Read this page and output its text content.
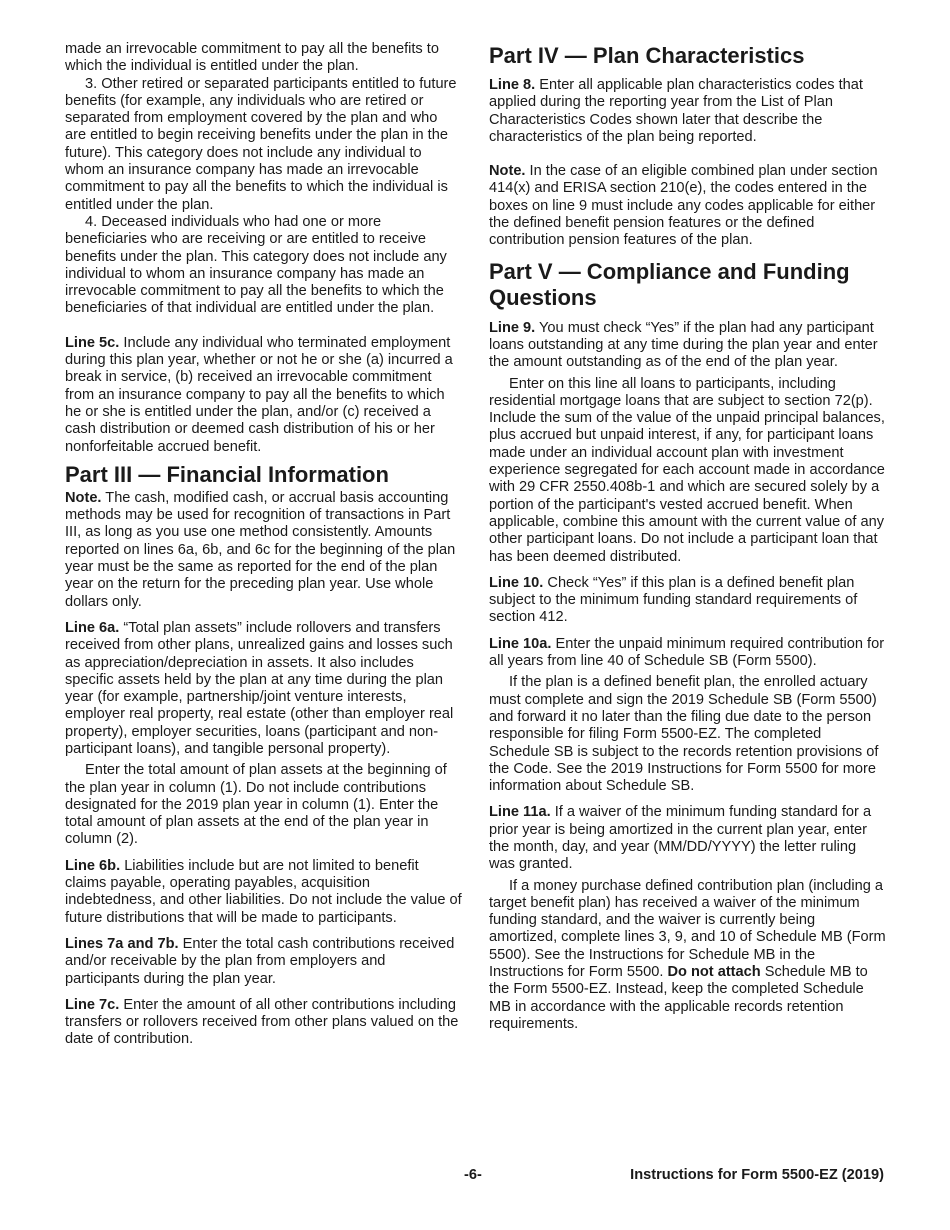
made an irrevocable commitment to pay all the benefits to which the individual is entitled under the plan.

3. Other retired or separated participants entitled to future benefits (for example, any individuals who are retired or separated from employment covered by the plan and who are entitled to begin receiving benefits under the plan in the future). This category does not include any individual to whom an insurance company has made an irrevocable commitment to pay all the benefits to which the individual is entitled under the plan.

4. Deceased individuals who had one or more beneficiaries who are receiving or are entitled to receive benefits under the plan. This category does not include any individual to whom an insurance company has made an irrevocable commitment to pay all the benefits to which the beneficiaries of that individual are entitled under the plan.

Line 5c. Include any individual who terminated employment during this plan year, whether or not he or she (a) incurred a break in service, (b) received an irrevocable commitment from an insurance company to pay all the benefits to which he or she is entitled under the plan, and/or (c) received a cash distribution or deemed cash distribution of his or her nonforfeitable accrued benefit.

Part III — Financial Information

Note. The cash, modified cash, or accrual basis accounting methods may be used for recognition of transactions in Part III, as long as you use one method consistently. Amounts reported on lines 6a, 6b, and 6c for the beginning of the plan year must be the same as reported for the end of the plan year on the return for the preceding plan year. Use whole dollars only.

Line 6a. “Total plan assets” include rollovers and transfers received from other plans, unrealized gains and losses such as appreciation/depreciation in assets. It also includes specific assets held by the plan at any time during the plan year (for example, partnership/joint venture interests, employer real property, real estate (other than employer real property), employer securities, loans (participant and non-participant loans), and tangible personal property).

Enter the total amount of plan assets at the beginning of the plan year in column (1). Do not include contributions designated for the 2019 plan year in column (1). Enter the total amount of plan assets at the end of the plan year in column (2).

Line 6b. Liabilities include but are not limited to benefit claims payable, operating payables, acquisition indebtedness, and other liabilities. Do not include the value of future distributions that will be made to participants.

Lines 7a and 7b. Enter the total cash contributions received and/or receivable by the plan from employers and participants during the plan year.

Line 7c. Enter the amount of all other contributions including transfers or rollovers received from other plans valued on the date of contribution.

Part IV — Plan Characteristics

Line 8. Enter all applicable plan characteristics codes that applied during the reporting year from the List of Plan Characteristics Codes shown later that describe the characteristics of the plan being reported.

Note. In the case of an eligible combined plan under section 414(x) and ERISA section 210(e), the codes entered in the boxes on line 9 must include any codes applicable for either the defined benefit pension features or the defined contribution pension features of the plan.

Part V — Compliance and Funding Questions

Line 9. You must check “Yes” if the plan had any participant loans outstanding at any time during the plan year and enter the amount outstanding as of the end of the plan year.

Enter on this line all loans to participants, including residential mortgage loans that are subject to section 72(p). Include the sum of the value of the unpaid principal balances, plus accrued but unpaid interest, if any, for participant loans made under an individual account plan with investment experience segregated for each account made in accordance with 29 CFR 2550.408b-1 and which are secured solely by a portion of the participant's vested accrued benefit. When applicable, combine this amount with the current value of any other participant loans. Do not include a participant loan that has been deemed distributed.

Line 10. Check “Yes” if this plan is a defined benefit plan subject to the minimum funding standard requirements of section 412.

Line 10a. Enter the unpaid minimum required contribution for all years from line 40 of Schedule SB (Form 5500).

If the plan is a defined benefit plan, the enrolled actuary must complete and sign the 2019 Schedule SB (Form 5500) and forward it no later than the filing due date to the person responsible for filing Form 5500-EZ. The completed Schedule SB is subject to the records retention provisions of the Code. See the 2019 Instructions for Form 5500 for more information about Schedule SB.

Line 11a. If a waiver of the minimum funding standard for a prior year is being amortized in the current plan year, enter the month, day, and year (MM/DD/YYYY) the letter ruling was granted.

If a money purchase defined contribution plan (including a target benefit plan) has received a waiver of the minimum funding standard, and the waiver is currently being amortized, complete lines 3, 9, and 10 of Schedule MB (Form 5500). See the Instructions for Schedule MB in the Instructions for Form 5500. Do not attach Schedule MB to the Form 5500-EZ. Instead, keep the completed Schedule MB in accordance with the applicable records retention requirements.

-6-	Instructions for Form 5500-EZ (2019)
